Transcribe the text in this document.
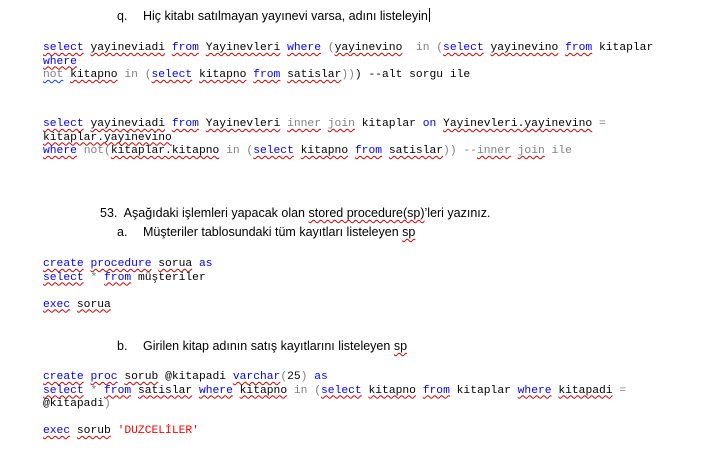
q. Hiç kitabı satılmayan yayınevi varsa, adını listeleyin
select yayineviadi from Yayinevleri where (yayinevino in (select yayinevino from kitaplar
where
not kitapno in (select kitapno from satislar))) --alt sorgu ile
select yayineviadi from Yayinevleri inner join kitaplar on Yayinevleri.yayinevino =
kitaplar.yayinevino
where not(kitaplar.kitapno in (select kitapno from satislar)) --inner join ile
53. Aşağıdaki işlemleri yapacak olan stored procedure(sp)’leri yazınız.
a. Müşteriler tablosundaki tüm kayıtları listeleyen sp
create procedure sorua as
select * from müşteriler

exec sorua
b. Girilen kitap adının satış kayıtlarını listeleyen sp
create proc sorub @kitapadi varchar(25) as
select * from satislar where kitapno in (select kitapno from kitaplar where kitapadi =
@kitapadi)

exec sorub 'DUZCELİLER'
